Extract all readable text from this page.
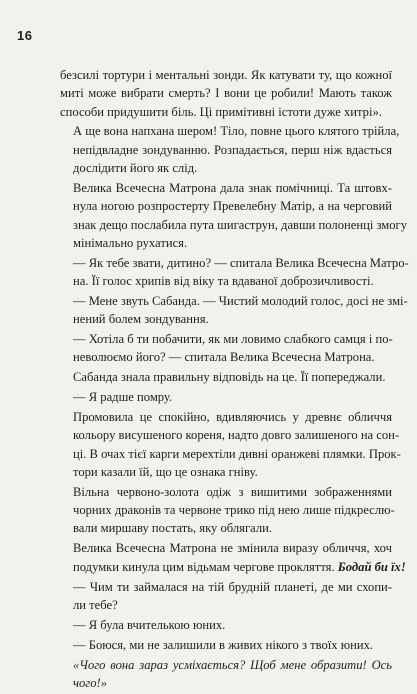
16
безсилі тортури і ментальні зонди. Як катувати ту, що кожної
миті може вибрати смерть? І вони це робили! Мають також
способи придушити біль. Ці примітивні істоти дуже хитрі».
А ще вона напхана шером! Тіло, повне цього клятого трійла,
непідвладне зондуванню. Розпадається, перш ніж вдасться
дослідити його як слід.
Велика Всечесна Матрона дала знак помічниці. Та штовх-
нула ногою розпростерту Превелебну Матір, а на черговий
знак дещо послабила пута шигаструн, давши полоненці змогу
мінімально рухатися.
— Як тебе звати, дитино? — спитала Велика Всечесна Матро-
на. Її голос хрипів від віку та вдаваної доброзичливості.
— Мене звуть Сабанда. — Чистий молодий голос, досі не змі-
нений болем зондування.
— Хотіла б ти побачити, як ми ловимо слабкого самця і по-
неволюємо його? — спитала Велика Всечесна Матрона.
Сабанда знала правильну відповідь на це. Її попереджали.
— Я радше помру.
Промовила це спокійно, вдивляючись у древнє обличчя
кольору висушеного кореня, надто довго залишеного на сон-
ці. В очах тієї карги мерехтіли дивні оранжеві плямки. Прок-
тори казали їй, що це ознака гніву.
Вільна червоно-золота одіж з вишитими зображеннями
чорних драконів та червоне трико під нею лише підкреслю-
вали миршаву постать, яку облягали.
Велика Всечесна Матрона не змінила виразу обличчя, хоч
подумки кинула цим відьмам чергове прокляття. Бодай би їх!
— Чим ти займалася на тій брудній планеті, де ми схопи-
ли тебе?
— Я була вчителькою юних.
— Боюся, ми не залишили в живих нікого з твоїх юних.
«Чого вона зараз усміхається? Щоб мене образити! Ось
чого!»
